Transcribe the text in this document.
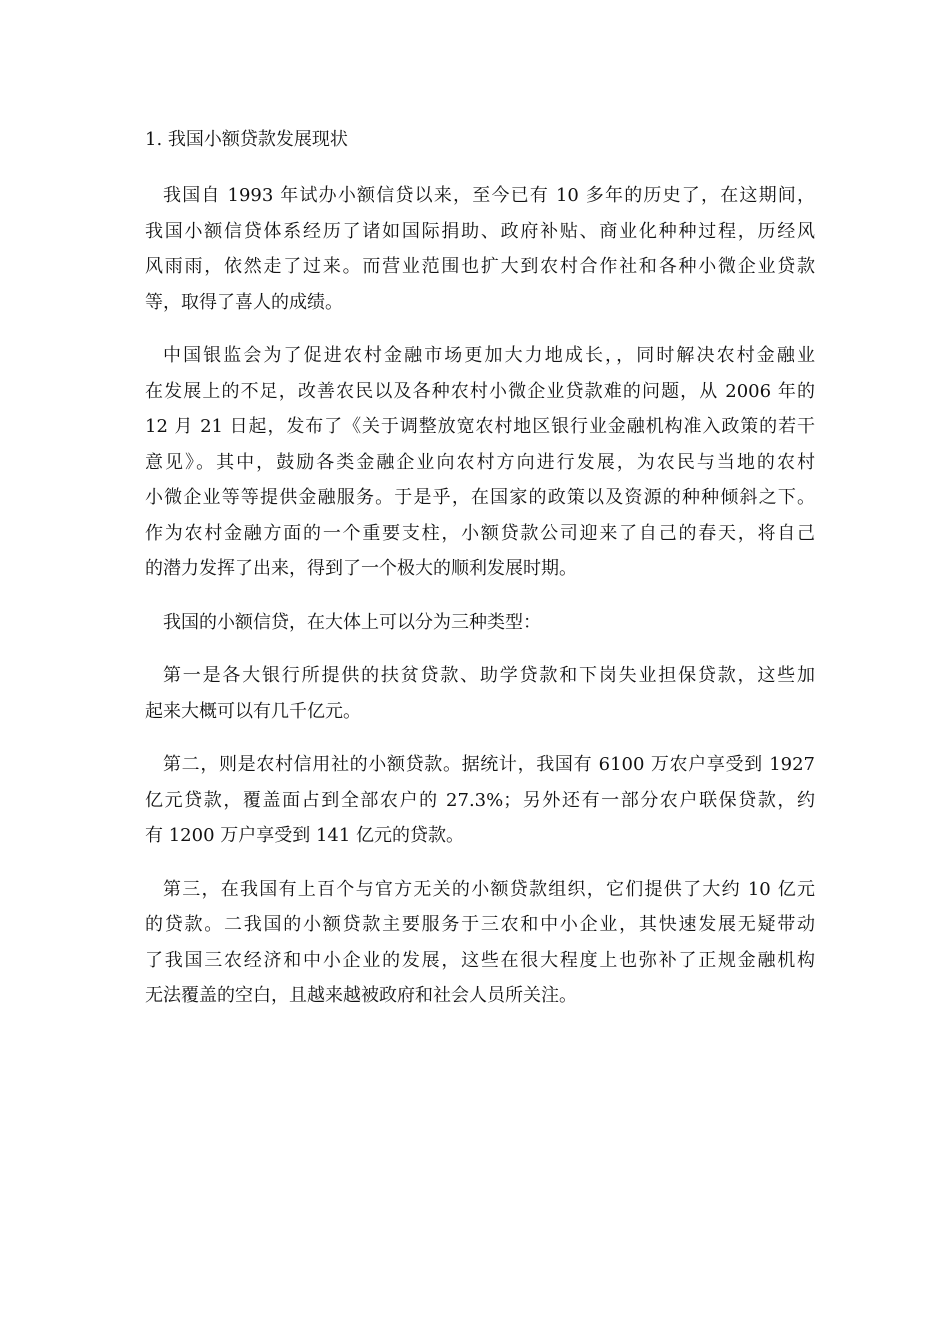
1. 我国小额贷款发展现状
我国自 1993 年试办小额信贷以来，至今已有 10 多年的历史了，在这期间，
我国小额信贷体系经历了诸如国际捐助、政府补贴、商业化种种过程，历经风
风雨雨，依然走了过来。而营业范围也扩大到农村合作社和各种小微企业贷款
等，取得了喜人的成绩。
中国银监会为了促进农村金融市场更加大力地成长，，同时解决农村金融业
在发展上的不足，改善农民以及各种农村小微企业贷款难的问题，从 2006 年的
12 月 21 日起，发布了《关于调整放宽农村地区银行业金融机构准入政策的若干
意见》。其中，鼓励各类金融企业向农村方向进行发展，为农民与当地的农村
小微企业等等提供金融服务。于是乎，在国家的政策以及资源的种种倾斜之下。
作为农村金融方面的一个重要支柱，小额贷款公司迎来了自己的春天，将自己
的潜力发挥了出来，得到了一个极大的顺利发展时期。
我国的小额信贷，在大体上可以分为三种类型：
第一是各大银行所提供的扶贫贷款、助学贷款和下岗失业担保贷款，这些加
起来大概可以有几千亿元。
第二，则是农村信用社的小额贷款。据统计，我国有 6100 万农户享受到 1927
亿元贷款，覆盖面占到全部农户的 27.3%；另外还有一部分农户联保贷款，约
有 1200 万户享受到 141 亿元的贷款。
第三，在我国有上百个与官方无关的小额贷款组织，它们提供了大约 10 亿元
的贷款。二我国的小额贷款主要服务于三农和中小企业，其快速发展无疑带动
了我国三农经济和中小企业的发展，这些在很大程度上也弥补了正规金融机构
无法覆盖的空白，且越来越被政府和社会人员所关注。
